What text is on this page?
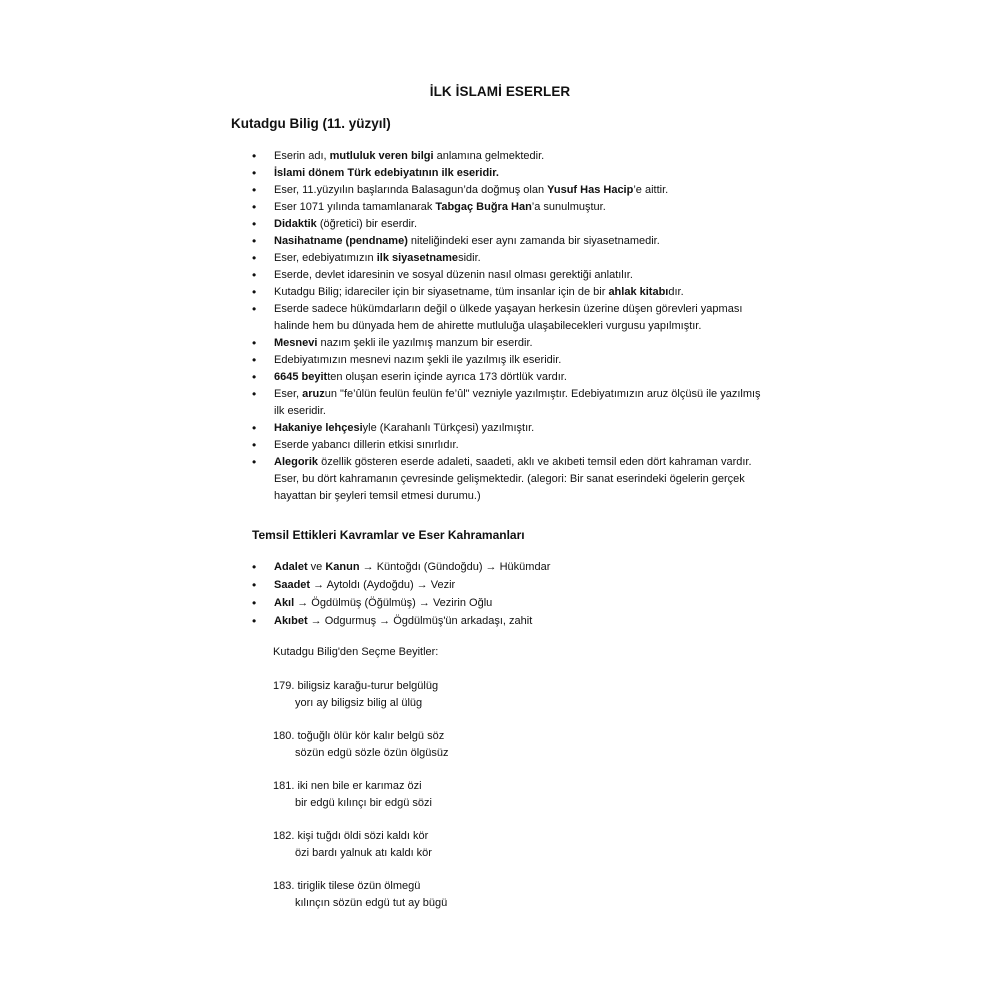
İLK İSLAMİ ESERLER
Kutadgu Bilig (11. yüzyıl)
• Eserin adı, mutluluk veren bilgi anlamına gelmektedir.
• İslami dönem Türk edebiyatının ilk eseridir.
• Eser, 11.yüzyılın başlarında Balasagun’da doğmuş olan Yusuf Has Hacip’e aittir.
• Eser 1071 yılında tamamlanarak Tabgaç Buğra Han’a sunulmuştur.
• Didaktik (öğretici) bir eserdir.
• Nasihatname (pendname) niteliğindeki eser aynı zamanda bir siyasetnamedir.
• Eser, edebiyatımızın ilk siyasetnamesidir.
• Eserde, devlet idaresinin ve sosyal düzenin nasıl olması gerektiği anlatılır.
• Kutadgu Bilig; idareciler için bir siyasetname, tüm insanlar için de bir ahlak kitabıdır.
• Eserde sadece hükümdarların değil o ülkede yaşayan herkesin üzerine düşen görevleri yapması halinde hem bu dünyada hem de ahirette mutluluğa ulaşabilecekleri vurgusu yapılmıştır.
• Mesnevi nazım şekli ile yazılmış manzum bir eserdir.
• Edebiyatımızın mesnevi nazım şekli ile yazılmış ilk eseridir.
• 6645 beyitten oluşan eserin içinde ayrıca 173 dörtlük vardır.
• Eser, aruzun "fe’ûlün feulün feulün fe’ûl" vezniyle yazılmıştır. Edebiyatımızın aruz ölçüsü ile yazılmış ilk eseridir.
• Hakaniye lehçesiyle (Karahanlı Türkçesi) yazılmıştır.
• Eserde yabancı dillerin etkisi sınırlıdır.
• Alegorik özellik gösteren eserde adaleti, saadeti, aklı ve akıbeti temsil eden dört kahraman vardır. Eser, bu dört kahramanın çevresinde gelişmektedir. (alegori: Bir sanat eserindeki ögelerin gerçek hayattan bir şeyleri temsil etmesi durumu.)
Temsil Ettikleri Kavramlar ve Eser Kahramanları
• Adalet ve Kanun → Küntoğdı (Gündoğdu) → Hükümdar
• Saadet → Aytoldı (Aydoğdu) → Vezir
• Akıl → Ögdülmüş (Öğülmüş) → Vezirin Oğlu
• Akıbet → Odgurmuş → Ögdülmüş'ün arkadaşı, zahit
Kutadgu Bilig'den Seçme Beyitler:
179. biligsiz karağu-turur belgülüg
yorı ay biligsiz bilig al ülüg
180. toğuğlı ölür kör kalır belgü söz
sözün edgü sözle özün ölgüsüz
181. iki nen bile er karımaz özi
bir edgü kılınçı bir edgü sözi
182. kişi tuğdı öldi sözi kaldı kör
özi bardı yalnuk atı kaldı kör
183. tiriglik tilese özün ölmegü
kılınçın sözün edgü tut ay bügü
